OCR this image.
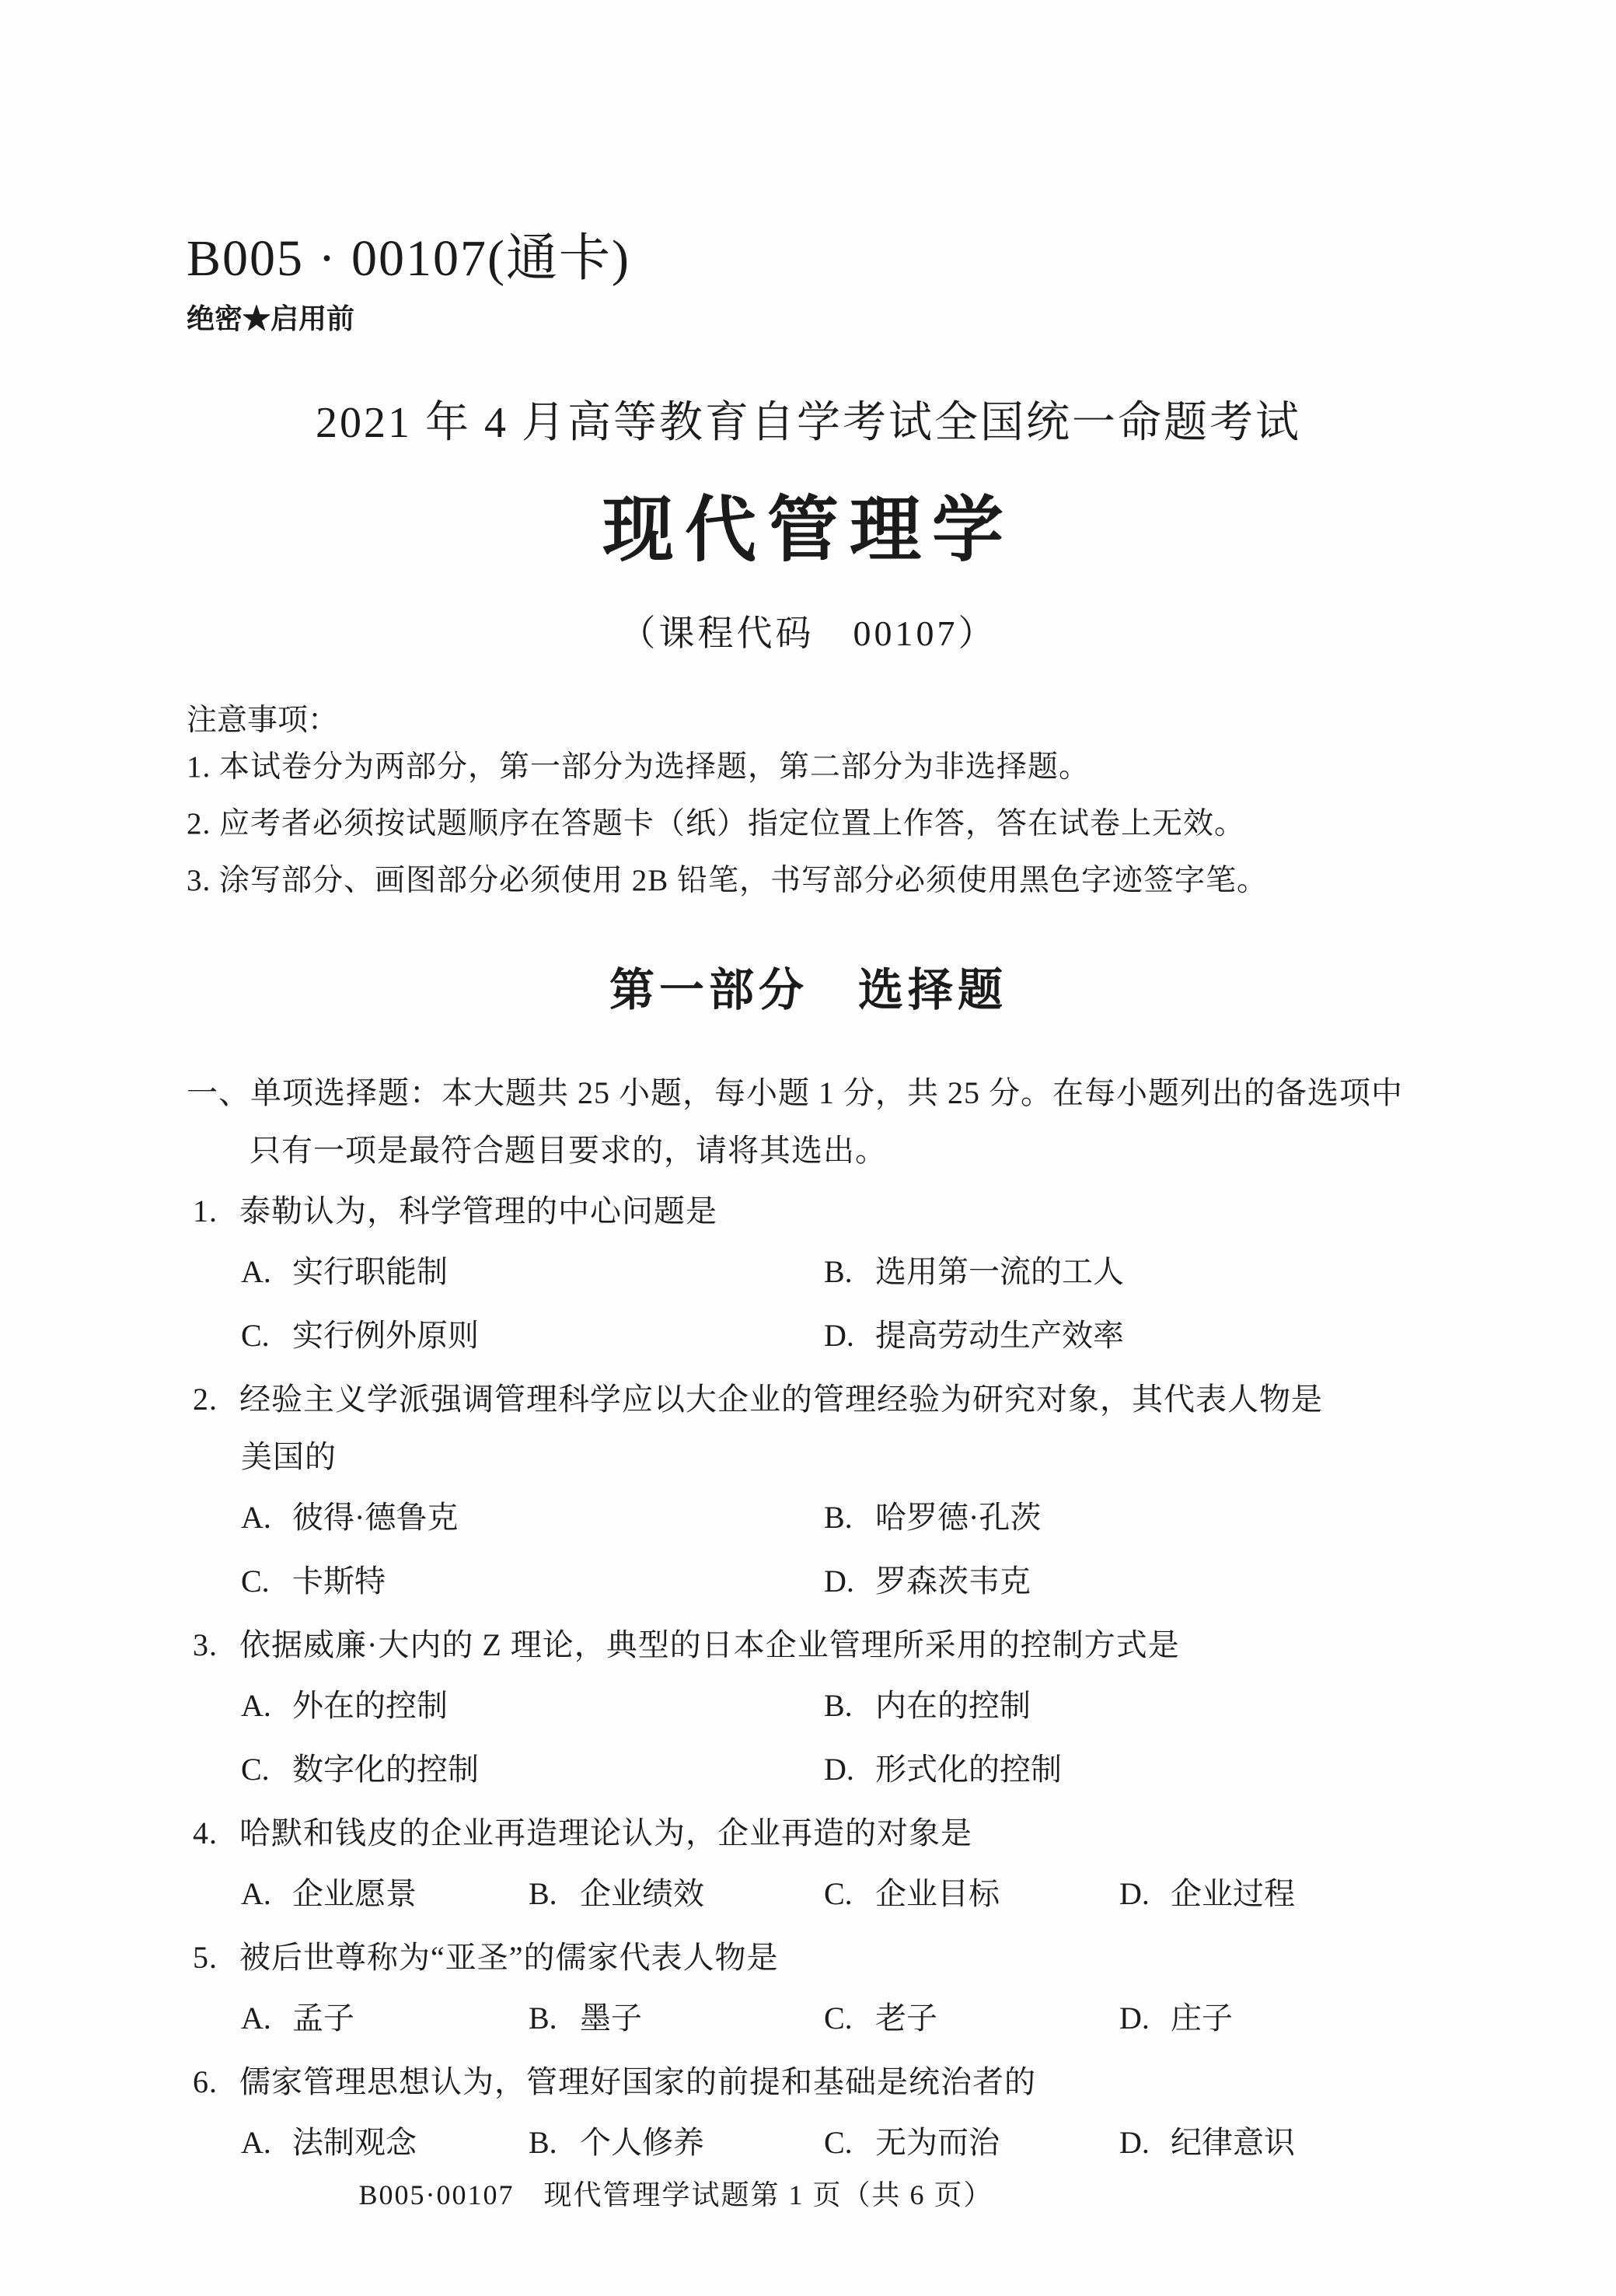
B005 · 00107(通卡)
绝密★启用前
2021 年 4 月高等教育自学考试全国统一命题考试
现代管理学
（课程代码　00107）
注意事项：
1. 本试卷分为两部分，第一部分为选择题，第二部分为非选择题。
2. 应考者必须按试题顺序在答题卡（纸）指定位置上作答，答在试卷上无效。
3. 涂写部分、画图部分必须使用 2B 铅笔，书写部分必须使用黑色字迹签字笔。
第一部分　选择题
一、单项选择题：本大题共 25 小题，每小题 1 分，共 25 分。在每小题列出的备选项中
只有一项是最符合题目要求的，请将其选出。
1. 泰勒认为，科学管理的中心问题是
A. 实行职能制	B. 选用第一流的工人
C. 实行例外原则	D. 提高劳动生产效率
2. 经验主义学派强调管理科学应以大企业的管理经验为研究对象，其代表人物是
美国的
A. 彼得·德鲁克	B. 哈罗德·孔茨
C. 卡斯特	D. 罗森茨韦克
3. 依据威廉·大内的 Z 理论，典型的日本企业管理所采用的控制方式是
A. 外在的控制	B. 内在的控制
C. 数字化的控制	D. 形式化的控制
4. 哈默和钱皮的企业再造理论认为，企业再造的对象是
A. 企业愿景	B. 企业绩效	C. 企业目标	D. 企业过程
5. 被后世尊称为“亚圣”的儒家代表人物是
A. 孟子	B. 墨子	C. 老子	D. 庄子
6. 儒家管理思想认为，管理好国家的前提和基础是统治者的
A. 法制观念	B. 个人修养	C. 无为而治	D. 纪律意识
B005·00107　现代管理学试题第 1 页（共 6 页）
